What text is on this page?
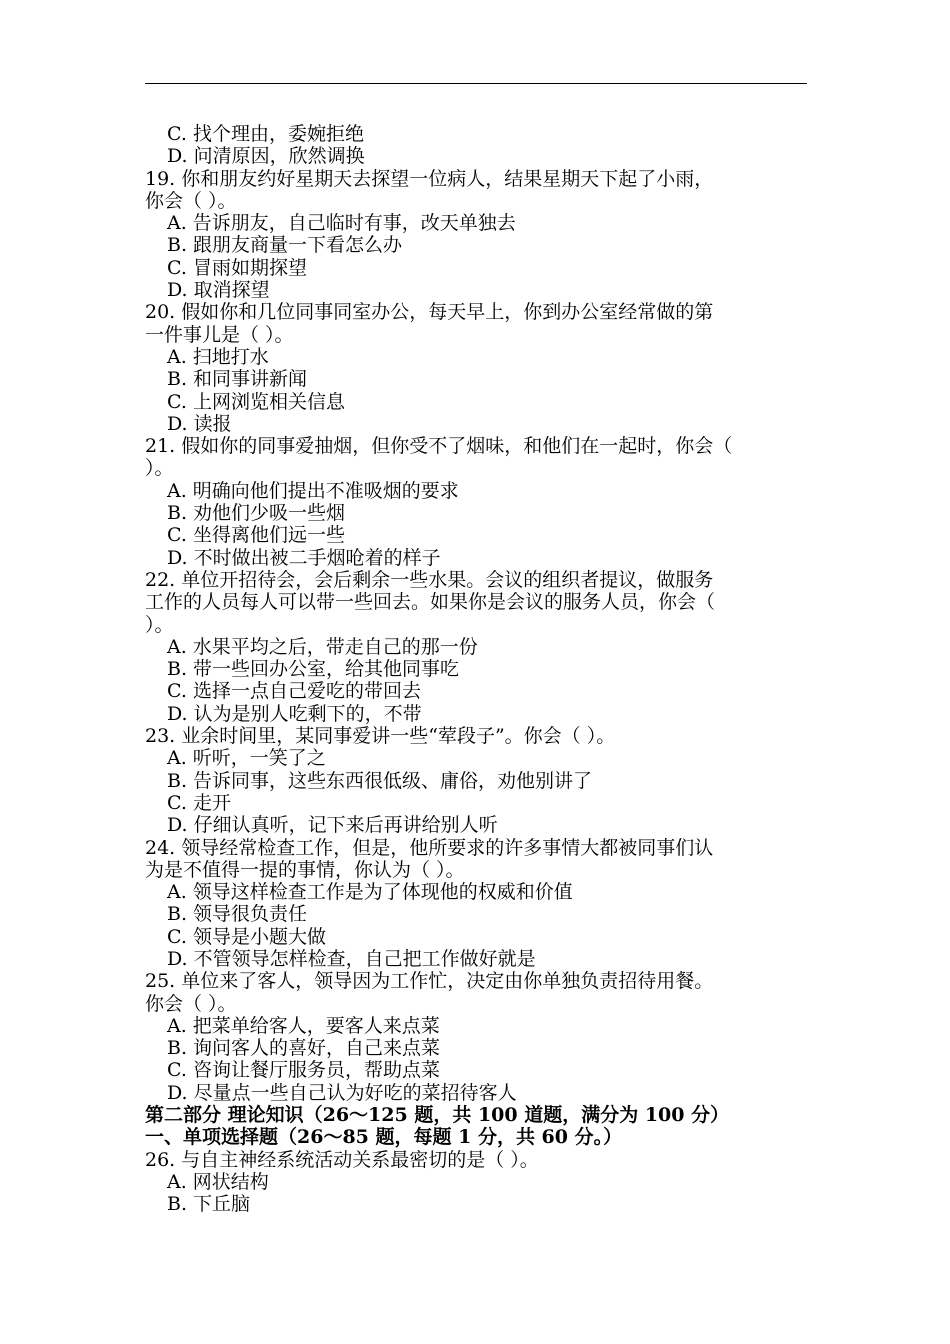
C. 找个理由，委婉拒绝
D. 问清原因，欣然调换
19. 你和朋友约好星期天去探望一位病人，结果星期天下起了小雨，
你会（ ）。
A. 告诉朋友，自己临时有事，改天单独去
B. 跟朋友商量一下看怎么办
C. 冒雨如期探望
D. 取消探望
20. 假如你和几位同事同室办公，每天早上，你到办公室经常做的第
一件事儿是（ ）。
A. 扫地打水
B. 和同事讲新闻
C. 上网浏览相关信息
D. 读报
21. 假如你的同事爱抽烟，但你受不了烟味，和他们在一起时，你会（
）。
A. 明确向他们提出不准吸烟的要求
B. 劝他们少吸一些烟
C. 坐得离他们远一些
D. 不时做出被二手烟呛着的样子
22. 单位开招待会，会后剩余一些水果。会议的组织者提议，做服务
工作的人员每人可以带一些回去。如果你是会议的服务人员，你会（
）。
A. 水果平均之后，带走自己的那一份
B. 带一些回办公室，给其他同事吃
C. 选择一点自己爱吃的带回去
D. 认为是别人吃剩下的，不带
23. 业余时间里，某同事爱讲一些“荤段子”。你会（ ）。
A. 听听，一笑了之
B. 告诉同事，这些东西很低级、庸俗，劝他别讲了
C. 走开
D. 仔细认真听，记下来后再讲给别人听
24. 领导经常检查工作，但是，他所要求的许多事情大都被同事们认
为是不值得一提的事情，你认为（ ）。
A. 领导这样检查工作是为了体现他的权威和价值
B. 领导很负责任
C. 领导是小题大做
D. 不管领导怎样检查，自己把工作做好就是
25. 单位来了客人，领导因为工作忙，决定由你单独负责招待用餐。
你会（ ）。
A. 把菜单给客人，要客人来点菜
B. 询问客人的喜好，自己来点菜
C. 咨询让餐厅服务员，帮助点菜
D. 尽量点一些自己认为好吃的菜招待客人
第二部分 理论知识（26～125 题，共 100 道题，满分为 100 分）
一、单项选择题（26～85 题，每题 1 分，共 60 分。）
26. 与自主神经系统活动关系最密切的是（ ）。
A. 网状结构
B. 下丘脑
